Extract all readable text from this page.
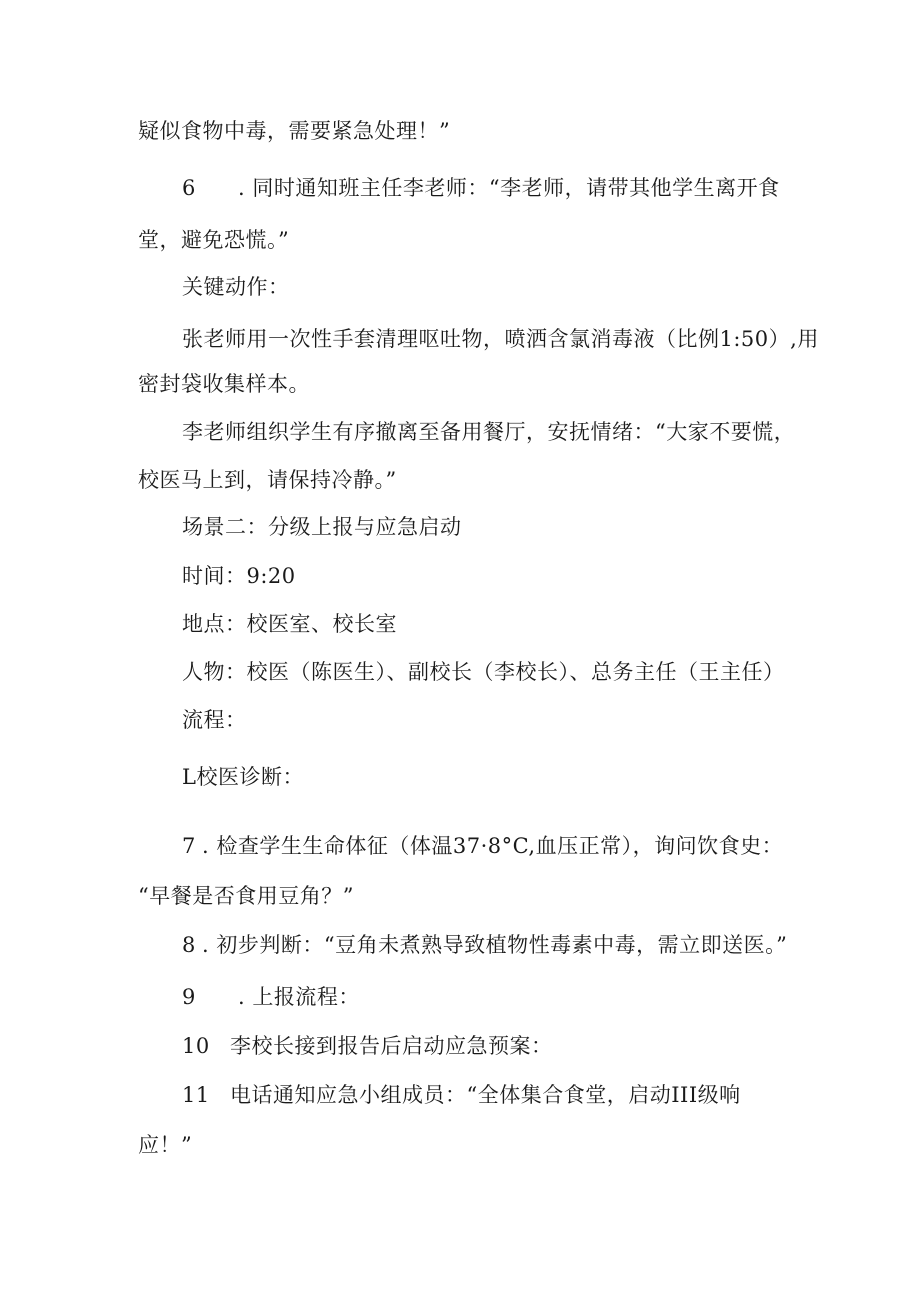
疑似食物中毒，需要紧急处理！”
6 . 同时通知班主任李老师：“李老师，请带其他学生离开食
堂，避免恐慌。”
关键动作：
张老师用一次性手套清理呕吐物，喷洒含氯消毒液（比例1:50）,用
密封袋收集样本。
李老师组织学生有序撤离至备用餐厅，安抚情绪：“大家不要慌，
校医马上到，请保持冷静。”
场景二：分级上报与应急启动
时间：9:20
地点：校医室、校长室
人物：校医（陈医生）、副校长（李校长）、总务主任（王主任）
流程：
L校医诊断：
7 . 检查学生生命体征（体温37·8°C,血压正常），询问饮食史：
“早餐是否食用豆角？”
8 . 初步判断：“豆角未煮熟导致植物性毒素中毒，需立即送医。”
9 . 上报流程：
10 李校长接到报告后启动应急预案：
11 电话通知应急小组成员：“全体集合食堂，启动III级响
应！”
